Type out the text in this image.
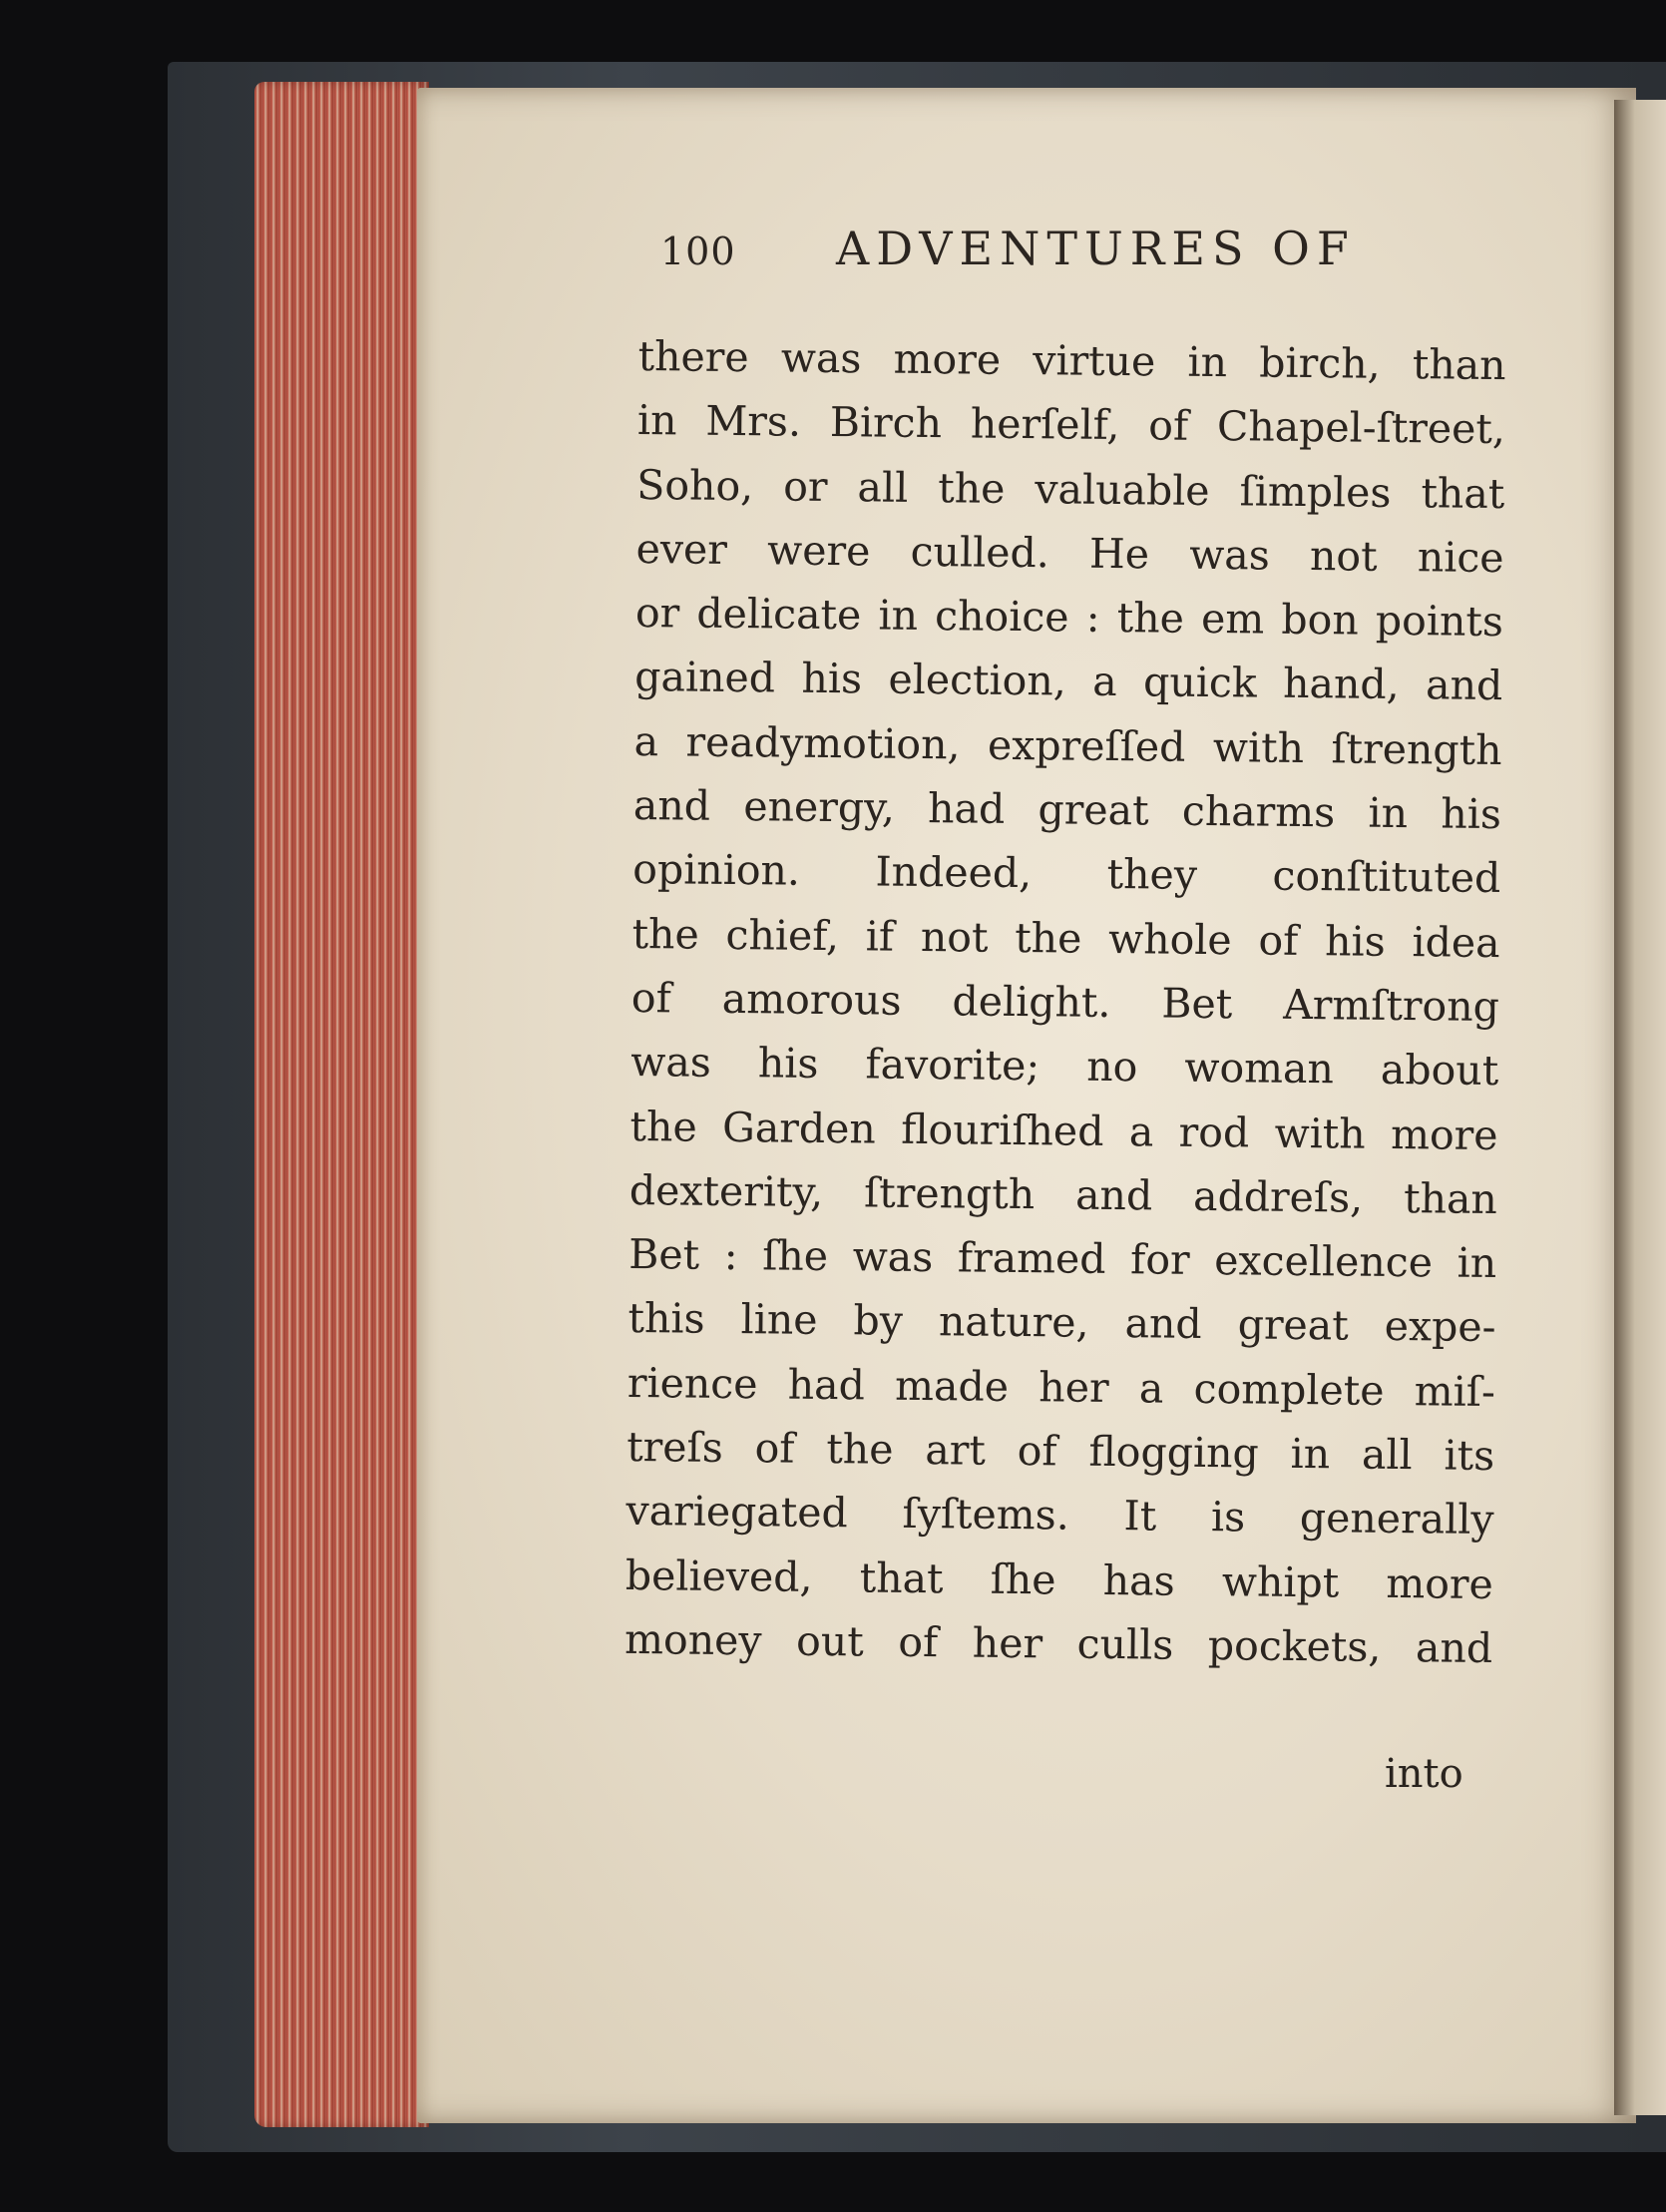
100 ADVENTURES OF
there was more virtue in birch, than
in Mrs. Birch herſelf, of Chapel-ſtreet,
Soho, or all the valuable ſimples that
ever were culled. He was not nice
or delicate in choice : the em bon points
gained his election, a quick hand, and
a readymotion, expreſſed with ſtrength
and energy, had great charms in his
opinion. Indeed, they conſtituted
the chief, if not the whole of his idea
of amorous delight. Bet Armſtrong
was his favorite; no woman about
the Garden flouriſhed a rod with more
dexterity, ſtrength and addreſs, than
Bet : ſhe was framed for excellence in
this line by nature, and great expe-
rience had made her a complete miſ-
treſs of the art of flogging in all its
variegated ſyſtems. It is generally
believed, that ſhe has whipt more
money out of her culls pockets, and
into
